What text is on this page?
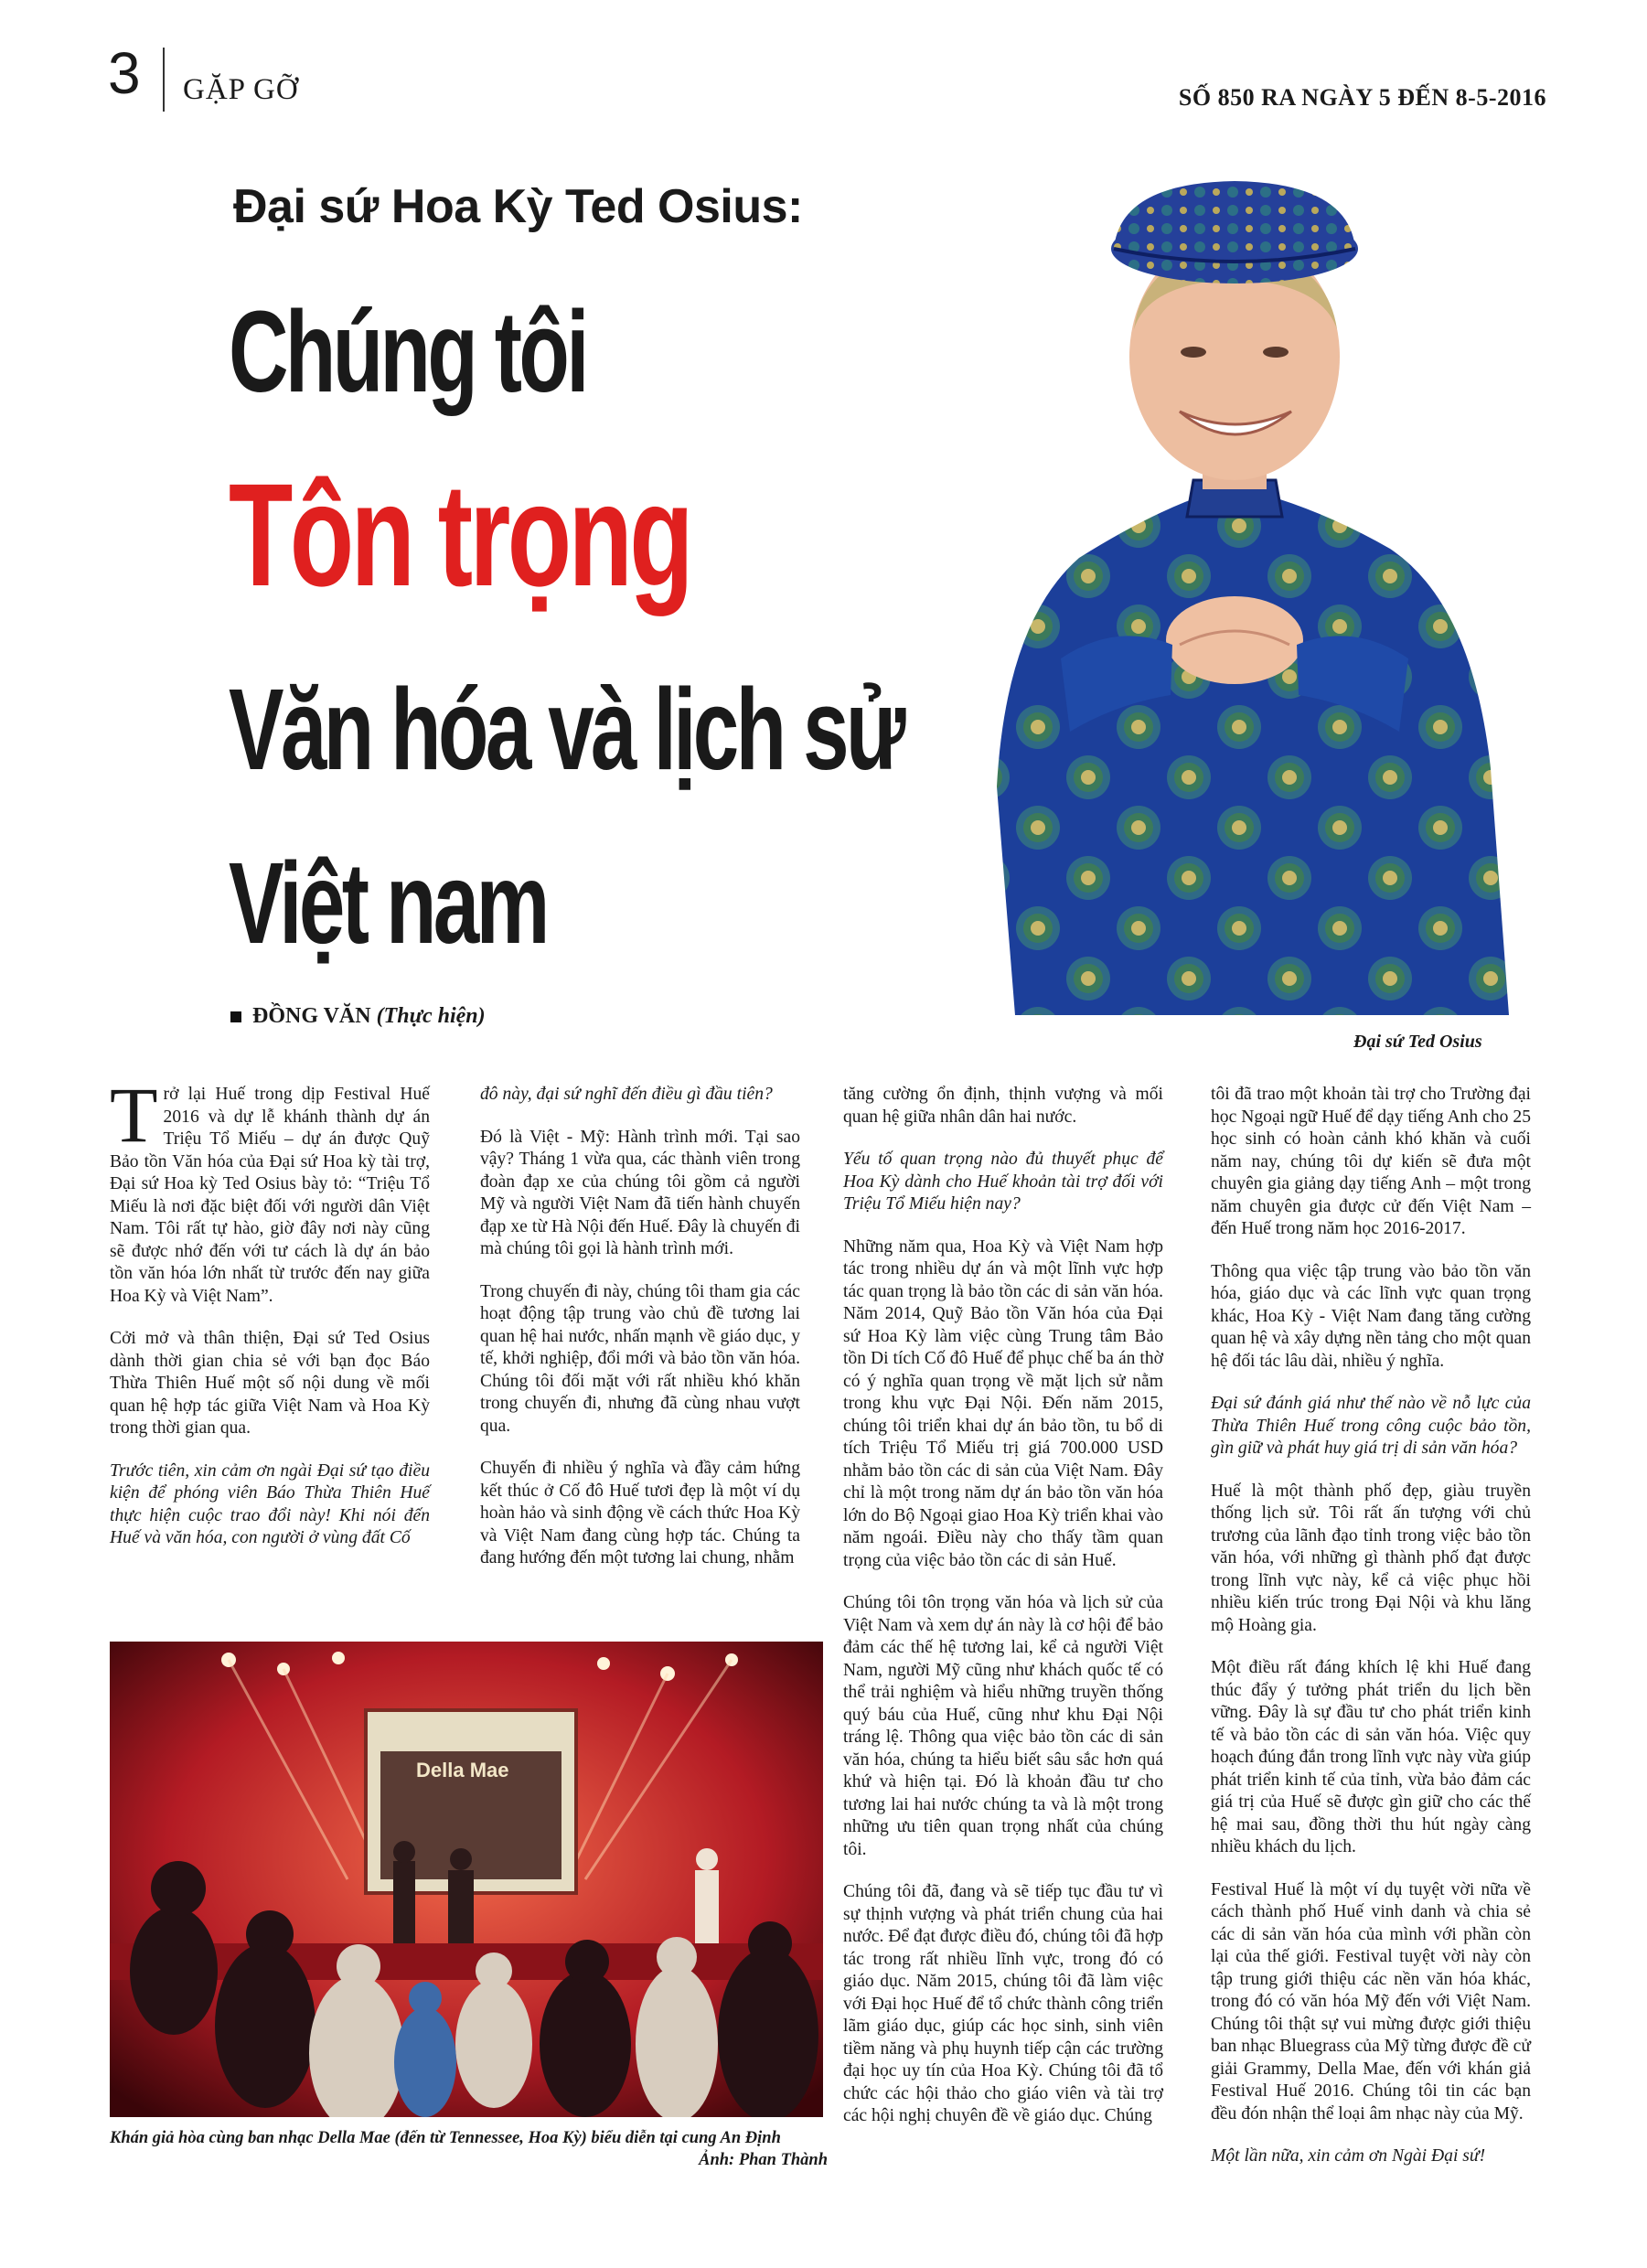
3 GẶP GỠ	SỐ 850 RA NGÀY 5 ĐẾN 8-5-2016
Đại sứ Hoa Kỳ Ted Osius:
Chúng tôi
Tôn trọng
Văn hóa và lịch sử
Việt nam
ĐỒNG VĂN (Thực hiện)
Đại sứ Ted Osius

Trở lại Huế trong dịp Festival Huế 2016 và dự lễ khánh thành dự án Triệu Tổ Miếu – dự án được Quỹ Bảo tồn Văn hóa của Đại sứ Hoa kỳ tài trợ, Đại sứ Hoa kỳ Ted Osius bày tỏ: “Triệu Tổ Miếu là nơi đặc biệt đối với người dân Việt Nam. Tôi rất tự hào, giờ đây nơi này cũng sẽ được nhớ đến với tư cách là dự án bảo tồn văn hóa lớn nhất từ trước đến nay giữa Hoa Kỳ và Việt Nam”.

Cởi mở và thân thiện, Đại sứ Ted Osius dành thời gian chia sẻ với bạn đọc Báo Thừa Thiên Huế một số nội dung về mối quan hệ hợp tác giữa Việt Nam và Hoa Kỳ trong thời gian qua.

Trước tiên, xin cảm ơn ngài Đại sứ tạo điều kiện để phóng viên Báo Thừa Thiên Huế thực hiện cuộc trao đổi này! Khi nói đến Huế và văn hóa, con người ở vùng đất Cố

đô này, đại sứ nghĩ đến điều gì đầu tiên?

Đó là Việt - Mỹ: Hành trình mới. Tại sao vậy? Tháng 1 vừa qua, các thành viên trong đoàn đạp xe của chúng tôi gồm cả người Mỹ và người Việt Nam đã tiến hành chuyến đạp xe từ Hà Nội đến Huế. Đây là chuyến đi mà chúng tôi gọi là hành trình mới.

Trong chuyến đi này, chúng tôi tham gia các hoạt động tập trung vào chủ đề tương lai quan hệ hai nước, nhấn mạnh về giáo dục, y tế, khởi nghiệp, đổi mới và bảo tồn văn hóa. Chúng tôi đối mặt với rất nhiều khó khăn trong chuyến đi, nhưng đã cùng nhau vượt qua.

Chuyến đi nhiều ý nghĩa và đầy cảm hứng kết thúc ở Cố đô Huế tươi đẹp là một ví dụ hoàn hảo và sinh động về cách thức Hoa Kỳ và Việt Nam đang cùng hợp tác. Chúng ta đang hướng đến một tương lai chung, nhằm

tăng cường ổn định, thịnh vượng và mối quan hệ giữa nhân dân hai nước.

Yếu tố quan trọng nào đủ thuyết phục để Hoa Kỳ dành cho Huế khoản tài trợ đối với Triệu Tổ Miếu hiện nay?

Những năm qua, Hoa Kỳ và Việt Nam hợp tác trong nhiều dự án và một lĩnh vực hợp tác quan trọng là bảo tồn các di sản văn hóa. Năm 2014, Quỹ Bảo tồn Văn hóa của Đại sứ Hoa Kỳ làm việc cùng Trung tâm Bảo tồn Di tích Cố đô Huế để phục chế ba án thờ có ý nghĩa quan trọng về mặt lịch sử nằm trong khu vực Đại Nội. Đến năm 2015, chúng tôi triển khai dự án bảo tồn, tu bổ di tích Triệu Tổ Miếu trị giá 700.000 USD nhằm bảo tồn các di sản của Việt Nam. Đây chỉ là một trong năm dự án bảo tồn văn hóa lớn do Bộ Ngoại giao Hoa Kỳ triển khai vào năm ngoái. Điều này cho thấy tầm quan trọng của việc bảo tồn các di sản Huế.

Chúng tôi tôn trọng văn hóa và lịch sử của Việt Nam và xem dự án này là cơ hội để bảo đảm các thế hệ tương lai, kể cả người Việt Nam, người Mỹ cũng như khách quốc tế có thể trải nghiệm và hiểu những truyền thống quý báu của Huế, cũng như khu Đại Nội tráng lệ. Thông qua việc bảo tồn các di sản văn hóa, chúng ta hiểu biết sâu sắc hơn quá khứ và hiện tại. Đó là khoản đầu tư cho tương lai hai nước chúng ta và là một trong những ưu tiên quan trọng nhất của chúng tôi.

Chúng tôi đã, đang và sẽ tiếp tục đầu tư vì sự thịnh vượng và phát triển chung của hai nước. Để đạt được điều đó, chúng tôi đã hợp tác trong rất nhiều lĩnh vực, trong đó có giáo dục. Năm 2015, chúng tôi đã làm việc với Đại học Huế để tổ chức thành công triển lãm giáo dục, giúp các học sinh, sinh viên tiềm năng và phụ huynh tiếp cận các trường đại học uy tín của Hoa Kỳ. Chúng tôi đã tổ chức các hội thảo cho giáo viên và tài trợ các hội nghị chuyên đề về giáo dục. Chúng

tôi đã trao một khoản tài trợ cho Trường đại học Ngoại ngữ Huế để dạy tiếng Anh cho 25 học sinh có hoàn cảnh khó khăn và cuối năm nay, chúng tôi dự kiến sẽ đưa một chuyên gia giảng dạy tiếng Anh – một trong năm chuyên gia được cử đến Việt Nam – đến Huế trong năm học 2016-2017.

Thông qua việc tập trung vào bảo tồn văn hóa, giáo dục và các lĩnh vực quan trọng khác, Hoa Kỳ - Việt Nam đang tăng cường quan hệ và xây dựng nền tảng cho một quan hệ đối tác lâu dài, nhiều ý nghĩa.

Đại sứ đánh giá như thế nào về nỗ lực của Thừa Thiên Huế trong công cuộc bảo tồn, gìn giữ và phát huy giá trị di sản văn hóa?

Huế là một thành phố đẹp, giàu truyền thống lịch sử. Tôi rất ấn tượng với chủ trương của lãnh đạo tỉnh trong việc bảo tồn văn hóa, với những gì thành phố đạt được trong lĩnh vực này, kể cả việc phục hồi nhiều kiến trúc trong Đại Nội và khu lăng mộ Hoàng gia.

Một điều rất đáng khích lệ khi Huế đang thúc đẩy ý tưởng phát triển du lịch bền vững. Đây là sự đầu tư cho phát triển kinh tế và bảo tồn các di sản văn hóa. Việc quy hoạch đúng đắn trong lĩnh vực này vừa giúp phát triển kinh tế của tỉnh, vừa bảo đảm các giá trị của Huế sẽ được gìn giữ cho các thế hệ mai sau, đồng thời thu hút ngày càng nhiều khách du lịch.

Festival Huế là một ví dụ tuyệt vời nữa về cách thành phố Huế vinh danh và chia sẻ các di sản văn hóa của mình với phần còn lại của thế giới. Festival tuyệt vời này còn tập trung giới thiệu các nền văn hóa khác, trong đó có văn hóa Mỹ đến với Việt Nam. Chúng tôi thật sự vui mừng được giới thiệu ban nhạc Bluegrass của Mỹ từng được đề cử giải Grammy, Della Mae, đến với khán giả Festival Huế 2016. Chúng tôi tin các bạn đều đón nhận thể loại âm nhạc này của Mỹ.

Một lần nữa, xin cảm ơn Ngài Đại sứ!

Della Mae
Khán giả hòa cùng ban nhạc Della Mae (đến từ Tennessee, Hoa Kỳ) biểu diễn tại cung An Định
Ảnh: Phan Thành
